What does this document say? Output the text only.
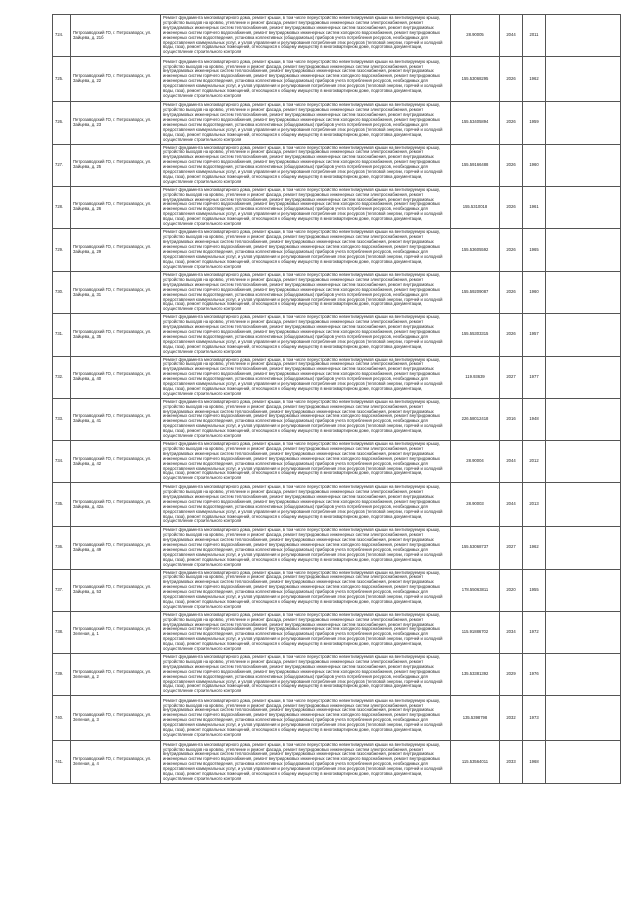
724.	Петрозаводский ГО, г. Петрозаводск, ул. Зайцева, д. 21б	Ремонт фундамента многоквартирного дома, ремонт крыши, в том числе переустройство невентилируемой крыши на вентилируемую крышу, устройство выходов на кровлю, утепление и ремонт фасада, ремонт внутридомовых инженерных систем электроснабжения, ремонт внутридомовых инженерных систем теплоснабжения, ремонт внутридомовых инженерных систем газоснабжения, ремонт внутридомовых инженерных систем горячего водоснабжения, ремонт внутридомовых инженерных систем холодного водоснабжения, ремонт внутридомовых инженерных систем водоотведения, установка коллективных (общедомовых) приборов учета потребления ресурсов, необходимых для предоставления коммунальных услуг, и узлов управления и регулирования потребления этих ресурсов (тепловой энергии, горячей и холодной воды, газа), ремонт подвальных помещений, относящихся к общему имуществу в многоквартирном доме, подготовка документации, осуществление строительного контроля	28.90005	2044	2011	
725.	Петрозаводский ГО, г. Петрозаводск, ул. Зайцева, д. 22	Ремонт фундамента многоквартирного дома, ремонт крыши, в том числе переустройство невентилируемой крыши на вентилируемую крышу, устройство выходов на кровлю, утепление и ремонт фасада, ремонт внутридомовых инженерных систем электроснабжения, ремонт внутридомовых инженерных систем теплоснабжения, ремонт внутридомовых инженерных систем газоснабжения, ремонт внутридомовых инженерных систем горячего водоснабжения, ремонт внутридомовых инженерных систем холодного водоснабжения, ремонт внутридомовых инженерных систем водоотведения, установка коллективных (общедомовых) приборов учета потребления ресурсов, необходимых для предоставления коммунальных услуг, и узлов управления и регулирования потребления этих ресурсов (тепловой энергии, горячей и холодной воды, газа), ремонт подвальных помещений, относящихся к общему имуществу в многоквартирном доме, подготовка документации, осуществление строительного контроля	155.53068295	2026	1962	
726.	Петрозаводский ГО, г. Петрозаводск, ул. Зайцева, д. 23	Ремонт фундамента многоквартирного дома, ремонт крыши, в том числе переустройство невентилируемой крыши на вентилируемую крышу, устройство выходов на кровлю, утепление и ремонт фасада, ремонт внутридомовых инженерных систем электроснабжения, ремонт внутридомовых инженерных систем теплоснабжения, ремонт внутридомовых инженерных систем газоснабжения, ремонт внутридомовых инженерных систем горячего водоснабжения, ремонт внутридомовых инженерных систем холодного водоснабжения, ремонт внутридомовых инженерных систем водоотведения, установка коллективных (общедомовых) приборов учета потребления ресурсов, необходимых для предоставления коммунальных услуг, и узлов управления и регулирования потребления этих ресурсов (тепловой энергии, горячей и холодной воды, газа), ремонт подвальных помещений, относящихся к общему имуществу в многоквартирном доме, подготовка документации, осуществление строительного контроля	155.53405894	2026	1959	
727.	Петрозаводский ГО, г. Петрозаводск, ул. Зайцева, д. 25	Ремонт фундамента многоквартирного дома, ремонт крыши, в том числе переустройство невентилируемой крыши на вентилируемую крышу, устройство выходов на кровлю, утепление и ремонт фасада, ремонт внутридомовых инженерных систем электроснабжения, ремонт внутридомовых инженерных систем теплоснабжения, ремонт внутридомовых инженерных систем газоснабжения, ремонт внутридомовых инженерных систем горячего водоснабжения, ремонт внутридомовых инженерных систем холодного водоснабжения, ремонт внутридомовых инженерных систем водоотведения, установка коллективных (общедомовых) приборов учета потребления ресурсов, необходимых для предоставления коммунальных услуг, и узлов управления и регулирования потребления этих ресурсов (тепловой энергии, горячей и холодной воды, газа), ремонт подвальных помещений, относящихся к общему имуществу в многоквартирном доме, подготовка документации, осуществление строительного контроля	155.59166488	2026	1960	
728.	Петрозаводский ГО, г. Петрозаводск, ул. Зайцева, д. 26	Ремонт фундамента многоквартирного дома, ремонт крыши, в том числе переустройство невентилируемой крыши на вентилируемую крышу, устройство выходов на кровлю, утепление и ремонт фасада, ремонт внутридомовых инженерных систем электроснабжения, ремонт внутридомовых инженерных систем теплоснабжения, ремонт внутридомовых инженерных систем газоснабжения, ремонт внутридомовых инженерных систем горячего водоснабжения, ремонт внутридомовых инженерных систем холодного водоснабжения, ремонт внутридомовых инженерных систем водоотведения, установка коллективных (общедомовых) приборов учета потребления ресурсов, необходимых для предоставления коммунальных услуг, и узлов управления и регулирования потребления этих ресурсов (тепловой энергии, горячей и холодной воды, газа), ремонт подвальных помещений, относящихся к общему имуществу в многоквартирном доме, подготовка документации, осуществление строительного контроля	155.5310018	2026	1961	
729.	Петрозаводский ГО, г. Петрозаводск, ул. Зайцева, д. 29	Ремонт фундамента многоквартирного дома, ремонт крыши, в том числе переустройство невентилируемой крыши на вентилируемую крышу, устройство выходов на кровлю, утепление и ремонт фасада, ремонт внутридомовых инженерных систем электроснабжения, ремонт внутридомовых инженерных систем теплоснабжения, ремонт внутридомовых инженерных систем газоснабжения, ремонт внутридомовых инженерных систем горячего водоснабжения, ремонт внутридомовых инженерных систем холодного водоснабжения, ремонт внутридомовых инженерных систем водоотведения, установка коллективных (общедомовых) приборов учета потребления ресурсов, необходимых для предоставления коммунальных услуг, и узлов управления и регулирования потребления этих ресурсов (тепловой энергии, горячей и холодной воды, газа), ремонт подвальных помещений, относящихся к общему имуществу в многоквартирном доме, подготовка документации, осуществление строительного контроля	155.53605592	2026	1965	
730.	Петрозаводский ГО, г. Петрозаводск, ул. Зайцева, д. 31	Ремонт фундамента многоквартирного дома, ремонт крыши, в том числе переустройство невентилируемой крыши на вентилируемую крышу, устройство выходов на кровлю, утепление и ремонт фасада, ремонт внутридомовых инженерных систем электроснабжения, ремонт внутридомовых инженерных систем теплоснабжения, ремонт внутридомовых инженерных систем газоснабжения, ремонт внутридомовых инженерных систем горячего водоснабжения, ремонт внутридомовых инженерных систем холодного водоснабжения, ремонт внутридомовых инженерных систем водоотведения, установка коллективных (общедомовых) приборов учета потребления ресурсов, необходимых для предоставления коммунальных услуг, и узлов управления и регулирования потребления этих ресурсов (тепловой энергии, горячей и холодной воды, газа), ремонт подвальных помещений, относящихся к общему имуществу в многоквартирном доме, подготовка документации, осуществление строительного контроля	155.59209087	2026	1960	
731.	Петрозаводский ГО, г. Петрозаводск, ул. Зайцева, д. 35	Ремонт фундамента многоквартирного дома, ремонт крыши, в том числе переустройство невентилируемой крыши на вентилируемую крышу, устройство выходов на кровлю, утепление и ремонт фасада, ремонт внутридомовых инженерных систем электроснабжения, ремонт внутридомовых инженерных систем теплоснабжения, ремонт внутридомовых инженерных систем газоснабжения, ремонт внутридомовых инженерных систем горячего водоснабжения, ремонт внутридомовых инженерных систем холодного водоснабжения, ремонт внутридомовых инженерных систем водоотведения, установка коллективных (общедомовых) приборов учета потребления ресурсов, необходимых для предоставления коммунальных услуг, и узлов управления и регулирования потребления этих ресурсов (тепловой энергии, горячей и холодной воды, газа), ремонт подвальных помещений, относящихся к общему имуществу в многоквартирном доме, подготовка документации, осуществление строительного контроля	155.55303315	2026	1957	
732.	Петрозаводский ГО, г. Петрозаводск, ул. Зайцева, д. 40	Ремонт фундамента многоквартирного дома, ремонт крыши, в том числе переустройство невентилируемой крыши на вентилируемую крышу, устройство выходов на кровлю, утепление и ремонт фасада, ремонт внутридомовых инженерных систем электроснабжения, ремонт внутридомовых инженерных систем теплоснабжения, ремонт внутридомовых инженерных систем газоснабжения, ремонт внутридомовых инженерных систем горячего водоснабжения, ремонт внутридомовых инженерных систем холодного водоснабжения, ремонт внутридомовых инженерных систем водоотведения, установка коллективных (общедомовых) приборов учета потребления ресурсов, необходимых для предоставления коммунальных услуг, и узлов управления и регулирования потребления этих ресурсов (тепловой энергии, горячей и холодной воды, газа), ремонт подвальных помещений, относящихся к общему имуществу в многоквартирном доме, подготовка документации, осуществление строительного контроля	119.93639	2027	1977	
733.	Петрозаводский ГО, г. Петрозаводск, ул. Зайцева, д. 41	Ремонт фундамента многоквартирного дома, ремонт крыши, в том числе переустройство невентилируемой крыши на вентилируемую крышу, устройство выходов на кровлю, утепление и ремонт фасада, ремонт внутридомовых инженерных систем электроснабжения, ремонт внутридомовых инженерных систем теплоснабжения, ремонт внутридомовых инженерных систем газоснабжения, ремонт внутридомовых инженерных систем горячего водоснабжения, ремонт внутридомовых инженерных систем холодного водоснабжения, ремонт внутридомовых инженерных систем водоотведения, установка коллективных (общедомовых) приборов учета потребления ресурсов, необходимых для предоставления коммунальных услуг, и узлов управления и регулирования потребления этих ресурсов (тепловой энергии, горячей и холодной воды, газа), ремонт подвальных помещений, относящихся к общему имуществу в многоквартирном доме, подготовка документации, осуществление строительного контроля	226.58012418	2016	1948	
734.	Петрозаводский ГО, г. Петрозаводск, ул. Зайцева, д. 42	Ремонт фундамента многоквартирного дома, ремонт крыши, в том числе переустройство невентилируемой крыши на вентилируемую крышу, устройство выходов на кровлю, утепление и ремонт фасада, ремонт внутридомовых инженерных систем электроснабжения, ремонт внутридомовых инженерных систем теплоснабжения, ремонт внутридомовых инженерных систем газоснабжения, ремонт внутридомовых инженерных систем горячего водоснабжения, ремонт внутридомовых инженерных систем холодного водоснабжения, ремонт внутридомовых инженерных систем водоотведения, установка коллективных (общедомовых) приборов учета потребления ресурсов, необходимых для предоставления коммунальных услуг, и узлов управления и регулирования потребления этих ресурсов (тепловой энергии, горячей и холодной воды, газа), ремонт подвальных помещений, относящихся к общему имуществу в многоквартирном доме, подготовка документации, осуществление строительного контроля	28.90004	2044	2012	
735.	Петрозаводский ГО, г. Петрозаводск, ул. Зайцева, д. 42а	Ремонт фундамента многоквартирного дома, ремонт крыши, в том числе переустройство невентилируемой крыши на вентилируемую крышу, устройство выходов на кровлю, утепление и ремонт фасада, ремонт внутридомовых инженерных систем электроснабжения, ремонт внутридомовых инженерных систем теплоснабжения, ремонт внутридомовых инженерных систем газоснабжения, ремонт внутридомовых инженерных систем горячего водоснабжения, ремонт внутридомовых инженерных систем холодного водоснабжения, ремонт внутридомовых инженерных систем водоотведения, установка коллективных (общедомовых) приборов учета потребления ресурсов, необходимых для предоставления коммунальных услуг, и узлов управления и регулирования потребления этих ресурсов (тепловой энергии, горячей и холодной воды, газа), ремонт подвальных помещений, относящихся к общему имуществу в многоквартирном доме, подготовка документации, осуществление строительного контроля	28.90003	2044	2013	
736.	Петрозаводский ГО, г. Петрозаводск, ул. Зайцева, д. 49	Ремонт фундамента многоквартирного дома, ремонт крыши, в том числе переустройство невентилируемой крыши на вентилируемую крышу, устройство выходов на кровлю, утепление и ремонт фасада, ремонт внутридомовых инженерных систем электроснабжения, ремонт внутридомовых инженерных систем теплоснабжения, ремонт внутридомовых инженерных систем газоснабжения, ремонт внутридомовых инженерных систем горячего водоснабжения, ремонт внутридомовых инженерных систем холодного водоснабжения, ремонт внутридомовых инженерных систем водоотведения, установка коллективных (общедомовых) приборов учета потребления ресурсов, необходимых для предоставления коммунальных услуг, и узлов управления и регулирования потребления этих ресурсов (тепловой энергии, горячей и холодной воды, газа), ремонт подвальных помещений, относящихся к общему имуществу в многоквартирном доме, подготовка документации, осуществление строительного контроля	155.53068737	2027	1962	
737.	Петрозаводский ГО, г. Петрозаводск, ул. Зайцева, д. 53	Ремонт фундамента многоквартирного дома, ремонт крыши, в том числе переустройство невентилируемой крыши на вентилируемую крышу, устройство выходов на кровлю, утепление и ремонт фасада, ремонт внутридомовых инженерных систем электроснабжения, ремонт внутридомовых инженерных систем теплоснабжения, ремонт внутридомовых инженерных систем газоснабжения, ремонт внутридомовых инженерных систем горячего водоснабжения, ремонт внутридомовых инженерных систем холодного водоснабжения, ремонт внутридомовых инженерных систем водоотведения, установка коллективных (общедомовых) приборов учета потребления ресурсов, необходимых для предоставления коммунальных услуг, и узлов управления и регулирования потребления этих ресурсов (тепловой энергии, горячей и холодной воды, газа), ремонт подвальных помещений, относящихся к общему имуществу в многоквартирном доме, подготовка документации, осуществление строительного контроля	178.55063811	2020	1955	
738.	Петрозаводский ГО, г. Петрозаводск, ул. Зеленая, д. 1	Ремонт фундамента многоквартирного дома, ремонт крыши, в том числе переустройство невентилируемой крыши на вентилируемую крышу, устройство выходов на кровлю, утепление и ремонт фасада, ремонт внутридомовых инженерных систем электроснабжения, ремонт внутридомовых инженерных систем теплоснабжения, ремонт внутридомовых инженерных систем газоснабжения, ремонт внутридомовых инженерных систем горячего водоснабжения, ремонт внутридомовых инженерных систем холодного водоснабжения, ремонт внутридомовых инженерных систем водоотведения, установка коллективных (общедомовых) приборов учета потребления ресурсов, необходимых для предоставления коммунальных услуг, и узлов управления и регулирования потребления этих ресурсов (тепловой энергии, горячей и холодной воды, газа), ремонт подвальных помещений, относящихся к общему имуществу в многоквартирном доме, подготовка документации, осуществление строительного контроля	115.91886702	2034	1972	
739.	Петрозаводский ГО, г. Петрозаводск, ул. Зеленая, д. 2	Ремонт фундамента многоквартирного дома, ремонт крыши, в том числе переустройство невентилируемой крыши на вентилируемую крышу, устройство выходов на кровлю, утепление и ремонт фасада, ремонт внутридомовых инженерных систем электроснабжения, ремонт внутридомовых инженерных систем теплоснабжения, ремонт внутридомовых инженерных систем газоснабжения, ремонт внутридомовых инженерных систем горячего водоснабжения, ремонт внутридомовых инженерных систем холодного водоснабжения, ремонт внутридомовых инженерных систем водоотведения, установка коллективных (общедомовых) приборов учета потребления ресурсов, необходимых для предоставления коммунальных услуг, и узлов управления и регулирования потребления этих ресурсов (тепловой энергии, горячей и холодной воды, газа), ремонт подвальных помещений, относящихся к общему имуществу в многоквартирном доме, подготовка документации, осуществление строительного контроля	135.53381392	2029	1976	
740.	Петрозаводский ГО, г. Петрозаводск, ул. Зеленая, д. 3	Ремонт фундамента многоквартирного дома, ремонт крыши, в том числе переустройство невентилируемой крыши на вентилируемую крышу, устройство выходов на кровлю, утепление и ремонт фасада, ремонт внутридомовых инженерных систем электроснабжения, ремонт внутридомовых инженерных систем теплоснабжения, ремонт внутридомовых инженерных систем газоснабжения, ремонт внутридомовых инженерных систем горячего водоснабжения, ремонт внутридомовых инженерных систем холодного водоснабжения, ремонт внутридомовых инженерных систем водоотведения, установка коллективных (общедомовых) приборов учета потребления ресурсов, необходимых для предоставления коммунальных услуг, и узлов управления и регулирования потребления этих ресурсов (тепловой энергии, горячей и холодной воды, газа), ремонт подвальных помещений, относящихся к общему имуществу в многоквартирном доме, подготовка документации, осуществление строительного контроля	135.5398798	2032	1973	
741.	Петрозаводский ГО, г. Петрозаводск, ул. Зеленая, д. 4	Ремонт фундамента многоквартирного дома, ремонт крыши, в том числе переустройство невентилируемой крыши на вентилируемую крышу, устройство выходов на кровлю, утепление и ремонт фасада, ремонт внутридомовых инженерных систем электроснабжения, ремонт внутридомовых инженерных систем теплоснабжения, ремонт внутридомовых инженерных систем газоснабжения, ремонт внутридомовых инженерных систем горячего водоснабжения, ремонт внутридомовых инженерных систем холодного водоснабжения, ремонт внутридомовых инженерных систем водоотведения, установка коллективных (общедомовых) приборов учета потребления ресурсов, необходимых для предоставления коммунальных услуг, и узлов управления и регулирования потребления этих ресурсов (тепловой энергии, горячей и холодной воды, газа), ремонт подвальных помещений, относящихся к общему имуществу в многоквартирном доме, подготовка документации, осуществление строительного контроля	115.53564011	2033	1968	
